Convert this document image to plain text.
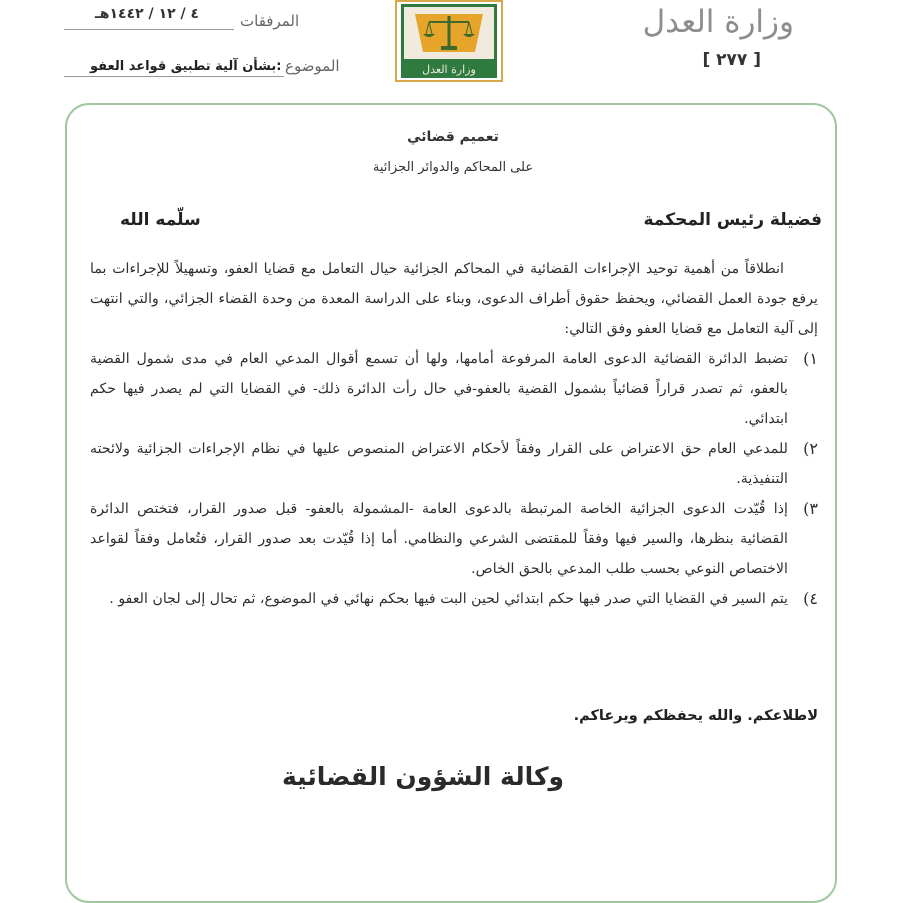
وزارة العدل
[ ٢٧٧ ]
وزارة العدل
٤ / ١٢ / ١٤٤٢هـ	المرفقات
الموضوع
:بشأن آلية تطبيق قواعد العفو
تعميم قضائي
على المحاكم والدوائر الجزائية
فضيلة رئيس المحكمة
سلّمه الله

انطلاقاً من أهمية توحيد الإجراءات القضائية في المحاكم الجزائية حيال التعامل مع قضايا العفو، وتسهيلاً للإجراءات بما يرفع جودة العمل القضائي، ويحفظ حقوق أطراف الدعوى، وبناء على الدراسة المعدة من وحدة القضاء الجزائي، والتي انتهت إلى آلية التعامل مع قضايا العفو وفق التالي:

١)
تضبط الدائرة القضائية الدعوى العامة المرفوعة أمامها، ولها أن تسمع أقوال المدعي العام في مدى شمول القضية بالعفو، ثم تصدر قراراً قضائياً بشمول القضية بالعفو-في حال رأت الدائرة ذلك- في القضايا التي لم يصدر فيها حكم ابتدائي.
٢)
للمدعي العام حق الاعتراض على القرار وفقاً لأحكام الاعتراض المنصوص عليها في نظام الإجراءات الجزائية ولائحته التنفيذية.
٣)
إذا قُيّدت الدعوى الجزائية الخاصة المرتبطة بالدعوى العامة -المشمولة بالعفو- قبل صدور القرار، فتختص الدائرة القضائية بنظرها، والسير فيها وفقاً للمقتضى الشرعي والنظامي. أما إذا قُيّدت بعد صدور القرار، فتُعامل وفقاً لقواعد الاختصاص النوعي بحسب طلب المدعي بالحق الخاص.
٤)
يتم السير في القضايا التي صدر فيها حكم ابتدائي لحين البت فيها بحكم نهائي في الموضوع، ثم تحال إلى لجان العفو .
لاطلاعكم. والله يحفظكم ويرعاكم.
وكالة الشؤون القضائية
